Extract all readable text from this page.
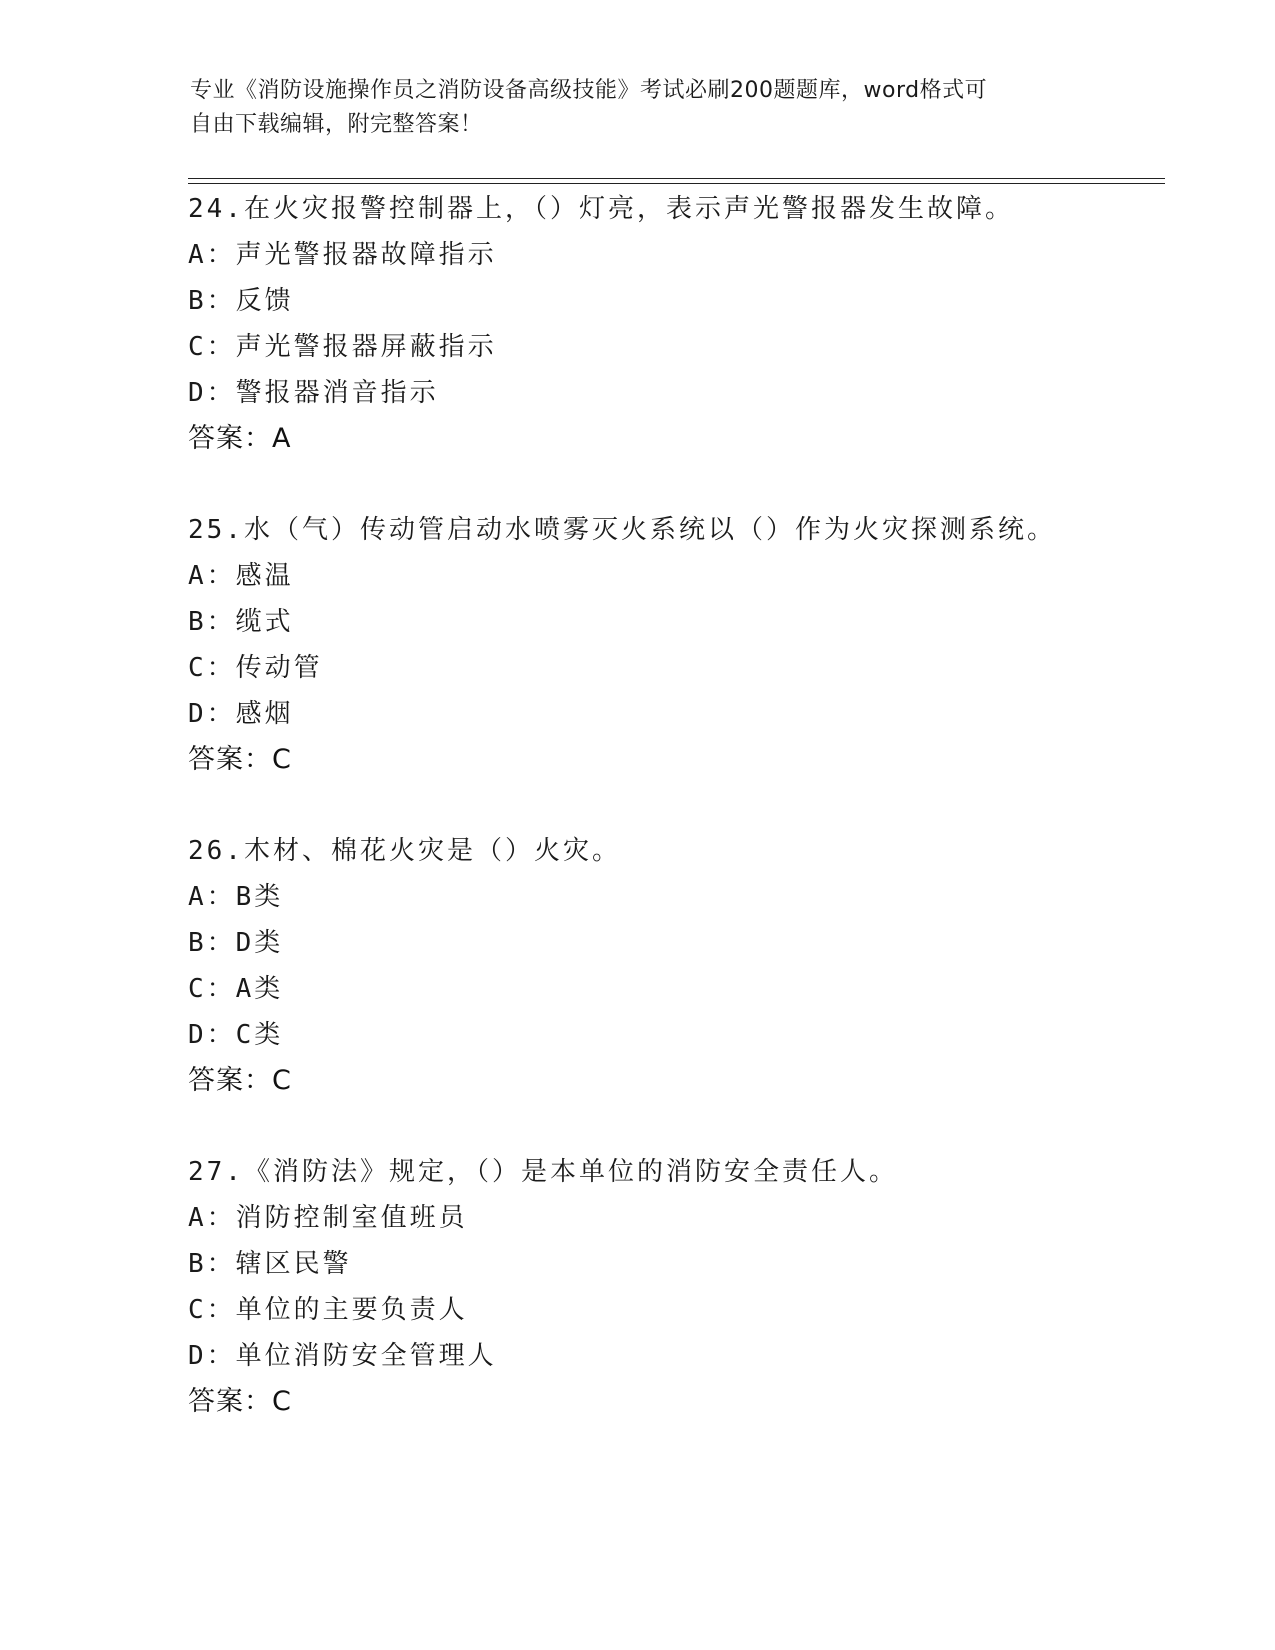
专业《消防设施操作员之消防设备高级技能》考试必刷200题题库，word格式可
自由下载编辑，附完整答案！
24.在火灾报警控制器上，（）灯亮，表示声光警报器发生故障。
A：声光警报器故障指示
B：反馈
C：声光警报器屏蔽指示
D：警报器消音指示
答案：A
25.水（气）传动管启动水喷雾灭火系统以（）作为火灾探测系统。
A：感温
B：缆式
C：传动管
D：感烟
答案：C
26.木材、棉花火灾是（）火灾。
A：B类
B：D类
C：A类
D：C类
答案：C
27.《消防法》规定，（）是本单位的消防安全责任人。
A：消防控制室值班员
B：辖区民警
C：单位的主要负责人
D：单位消防安全管理人
答案：C
